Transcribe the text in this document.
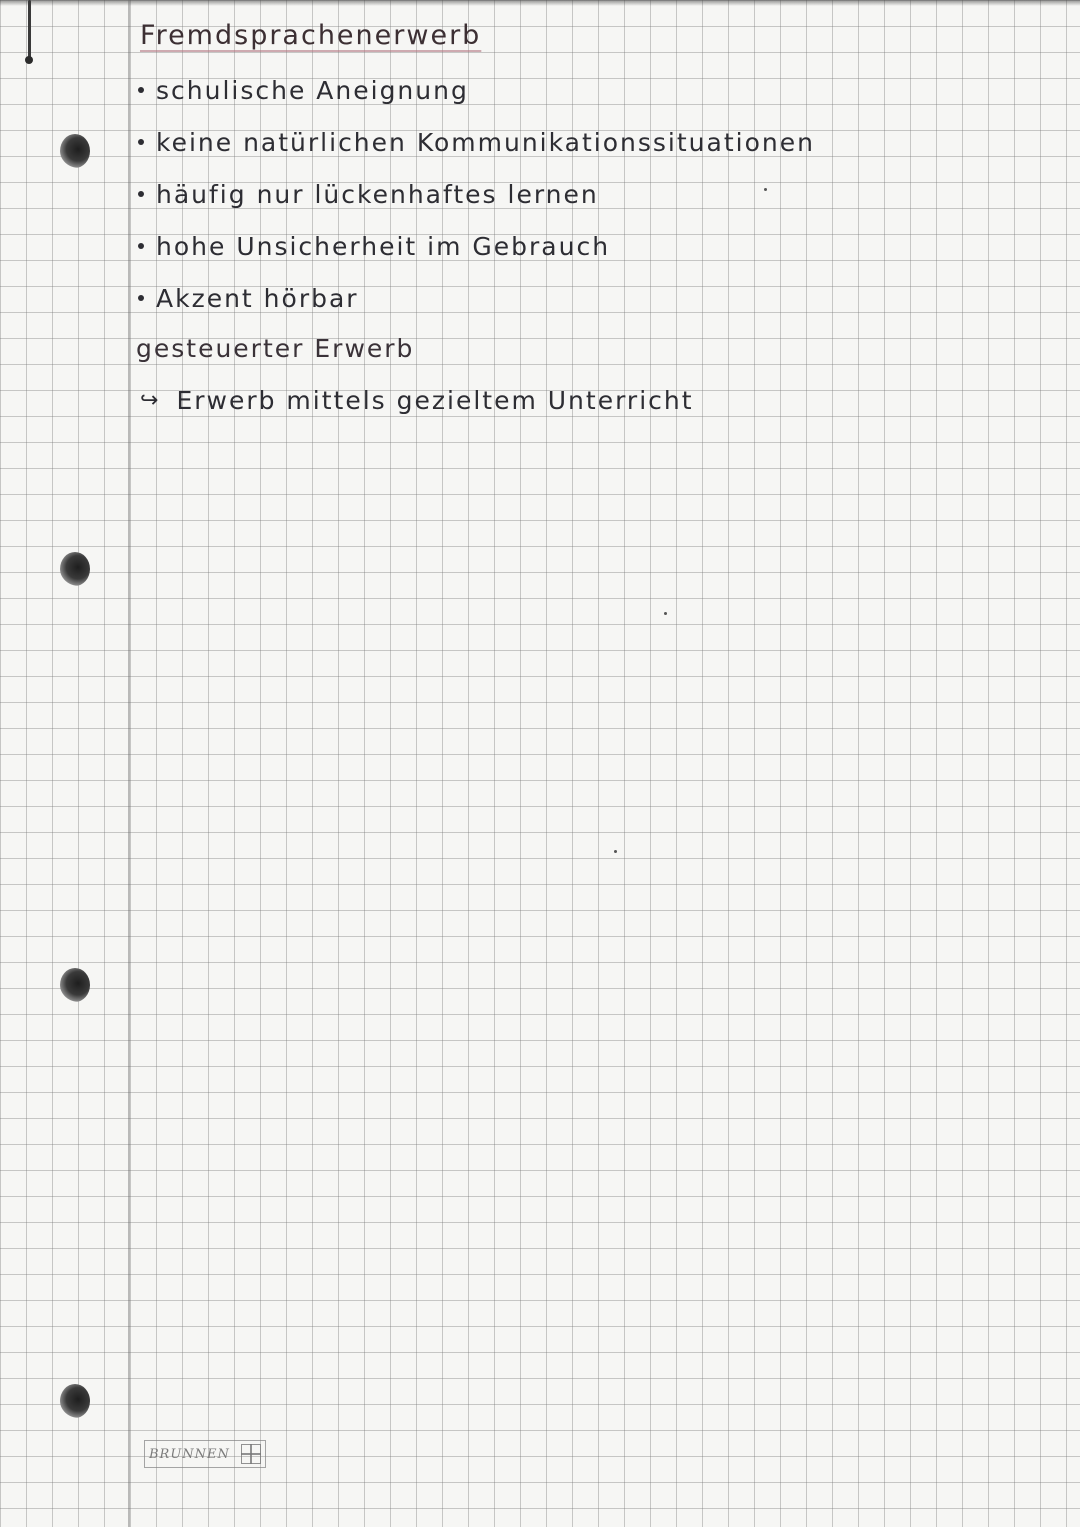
Fremdsprachenerwerb
schulische Aneignung
keine natürlichen Kommunikationssituationen
häufig nur lückenhaftes lernen
hohe Unsicherheit im Gebrauch
Akzent hörbar
gesteuerter Erwerb
↪ Erwerb mittels gezieltem Unterricht
BRUNNEN
